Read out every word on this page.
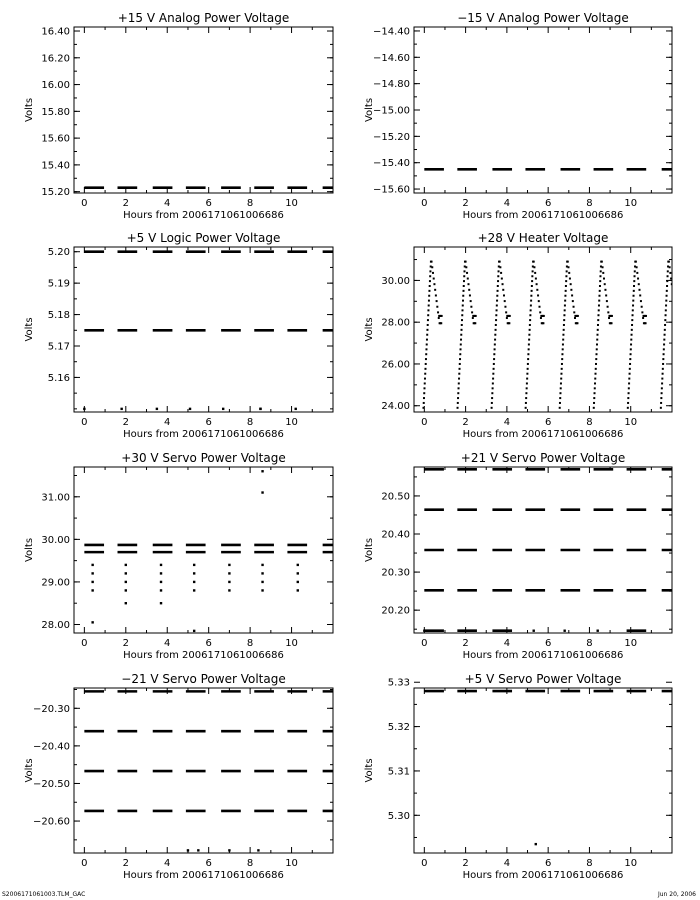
+15 V Analog Power Voltage
Hours from 2006171061006686
Volts
0	2	4	6	8	10
15.20
15.40
15.60
15.80
16.00
16.20
16.40
−15 V Analog Power Voltage
Hours from 2006171061006686
Volts
0	2	4	6	8	10
−15.60
−15.40
−15.20
−15.00
−14.80
−14.60
−14.40
+5 V Logic Power Voltage
Hours from 2006171061006686
Volts
0	2	4	6	8	10
5.16
5.17
5.18
5.19
5.20
+28 V Heater Voltage
Hours from 2006171061006686
Volts
0	2	4	6	8	10
24.00
26.00
28.00
30.00
+30 V Servo Power Voltage
Hours from 2006171061006686
Volts
0	2	4	6	8	10
28.00
29.00
30.00
31.00
+21 V Servo Power Voltage
Hours from 2006171061006686
Volts
0	2	4	6	8	10
20.20
20.30
20.40
20.50
−21 V Servo Power Voltage
Hours from 2006171061006686
Volts
0	2	4	6	8	10
−20.60
−20.50
−20.40
−20.30
+5 V Servo Power Voltage
Hours from 2006171061006686
Volts
0	2	4	6	8	10
5.30
5.31
5.32
5.33
S2006171061003.TLM_GAC	Jun 20, 2006
